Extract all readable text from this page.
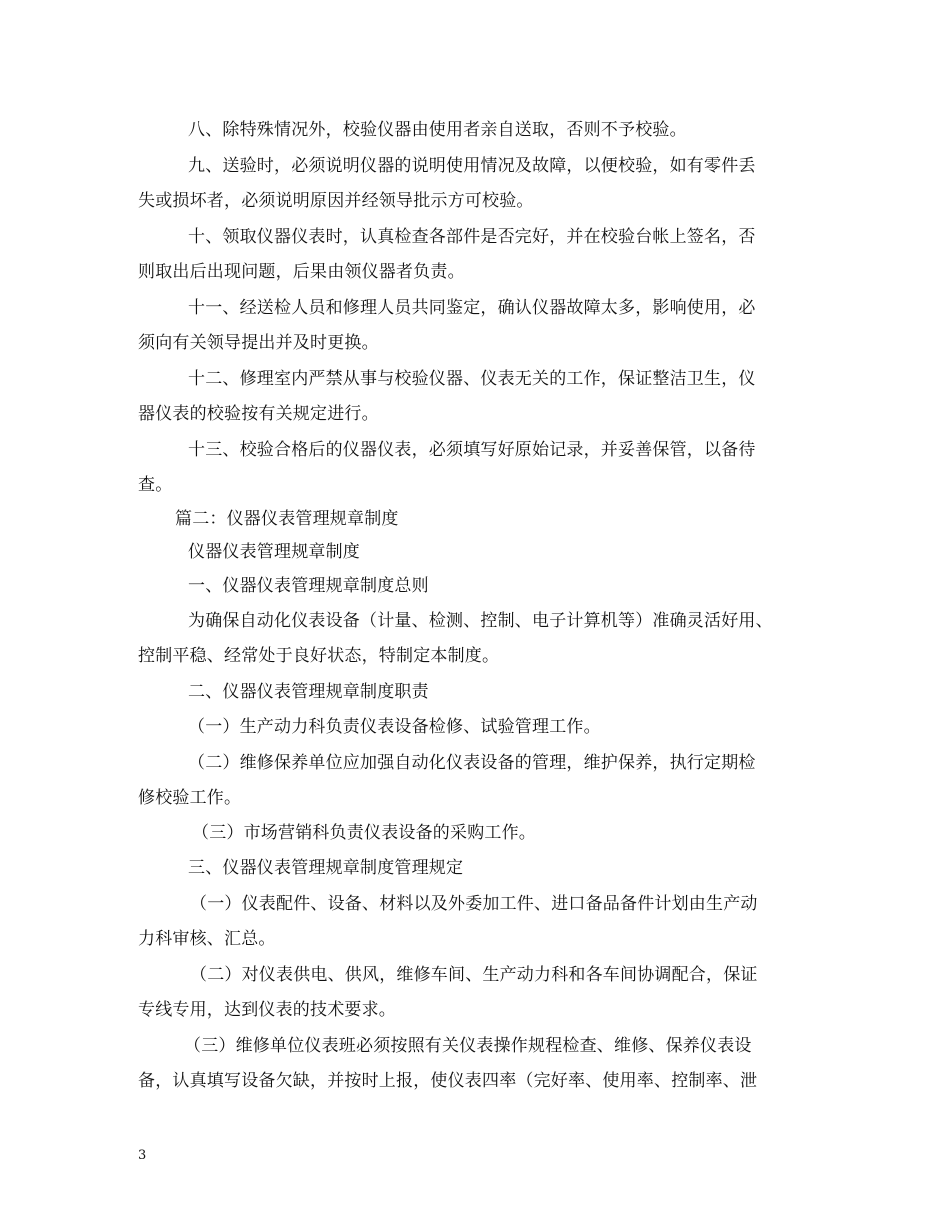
八、除特殊情况外，校验仪器由使用者亲自送取，否则不予校验。
九、送验时，必须说明仪器的说明使用情况及故障，以便校验，如有零件丢
失或损坏者，必须说明原因并经领导批示方可校验。
十、领取仪器仪表时，认真检查各部件是否完好，并在校验台帐上签名，否
则取出后出现问题，后果由领仪器者负责。
十一、经送检人员和修理人员共同鉴定，确认仪器故障太多，影响使用，必
须向有关领导提出并及时更换。
十二、修理室内严禁从事与校验仪器、仪表无关的工作，保证整洁卫生，仪
器仪表的校验按有关规定进行。
十三、校验合格后的仪器仪表，必须填写好原始记录，并妥善保管，以备待
查。
篇二：仪器仪表管理规章制度
仪器仪表管理规章制度
一、仪器仪表管理规章制度总则
为确保自动化仪表设备（计量、检测、控制、电子计算机等）准确灵活好用、
控制平稳、经常处于良好状态，特制定本制度。
二、仪器仪表管理规章制度职责
（一）生产动力科负责仪表设备检修、试验管理工作。
（二）维修保养单位应加强自动化仪表设备的管理，维护保养，执行定期检
修校验工作。
（三）市场营销科负责仪表设备的采购工作。
三、仪器仪表管理规章制度管理规定
（一）仪表配件、设备、材料以及外委加工件、进口备品备件计划由生产动
力科审核、汇总。
（二）对仪表供电、供风，维修车间、生产动力科和各车间协调配合，保证
专线专用，达到仪表的技术要求。
（三）维修单位仪表班必须按照有关仪表操作规程检查、维修、保养仪表设
备，认真填写设备欠缺，并按时上报，使仪表四率（完好率、使用率、控制率、泄
3
